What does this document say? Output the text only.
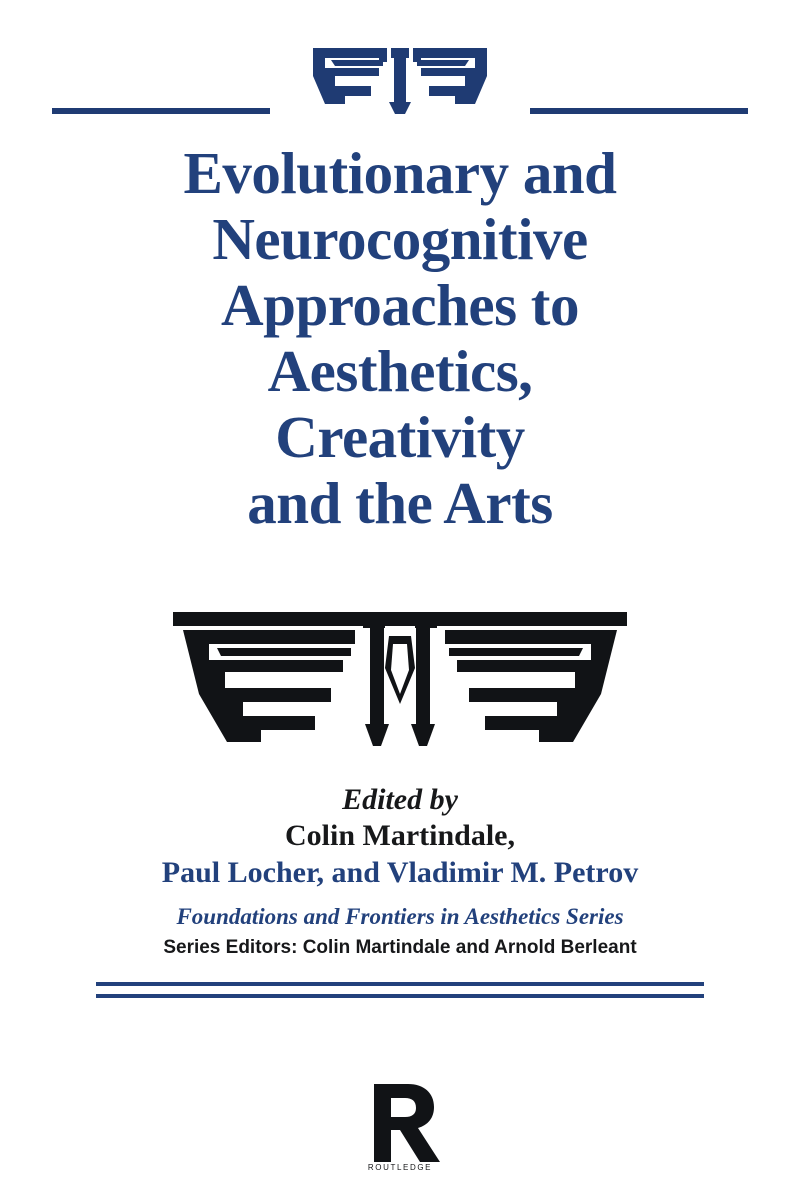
Evolutionary and
Neurocognitive
Approaches to
Aesthetics,
Creativity
and the Arts
Edited by
Colin Martindale,
Paul Locher, and Vladimir M. Petrov
Foundations and Frontiers in Aesthetics Series
Series Editors: Colin Martindale and Arnold Berleant
ROUTLEDGE
